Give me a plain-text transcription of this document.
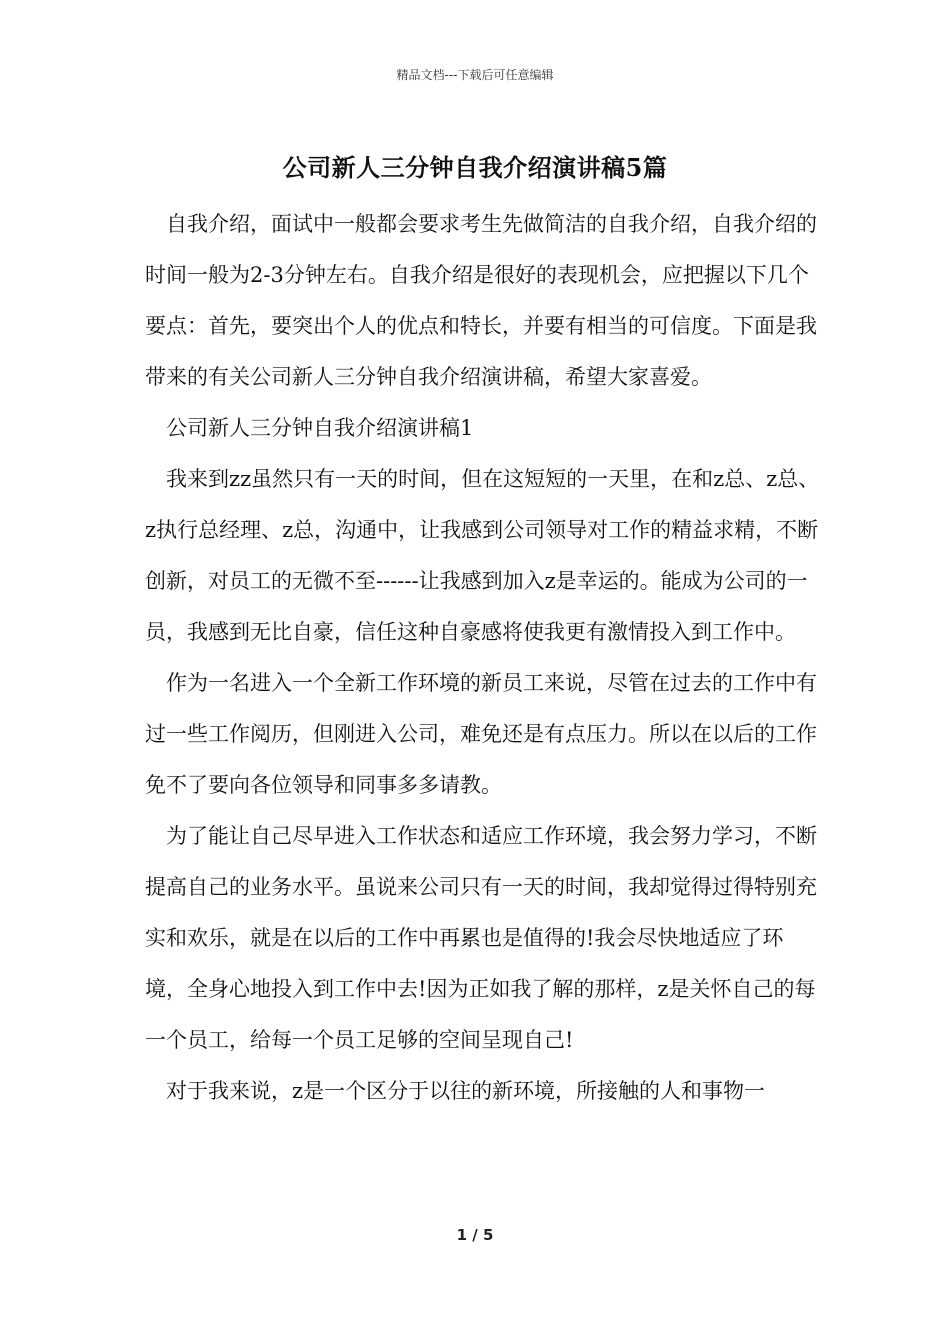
精品文档---下载后可任意编辑
公司新人三分钟自我介绍演讲稿5篇

自我介绍，面试中一般都会要求考生先做简洁的自我介绍，自我介绍的时间一般为2-3分钟左右。自我介绍是很好的表现机会，应把握以下几个要点：首先，要突出个人的优点和特长，并要有相当的可信度。下面是我带来的有关公司新人三分钟自我介绍演讲稿，希望大家喜爱。

公司新人三分钟自我介绍演讲稿1

我来到zz虽然只有一天的时间，但在这短短的一天里，在和z总、z总、z执行总经理、z总，沟通中，让我感到公司领导对工作的精益求精，不断创新，对员工的无微不至------让我感到加入z是幸运的。能成为公司的一员，我感到无比自豪，信任这种自豪感将使我更有激情投入到工作中。

作为一名进入一个全新工作环境的新员工来说，尽管在过去的工作中有过一些工作阅历，但刚进入公司，难免还是有点压力。所以在以后的工作免不了要向各位领导和同事多多请教。

为了能让自己尽早进入工作状态和适应工作环境，我会努力学习，不断提高自己的业务水平。虽说来公司只有一天的时间，我却觉得过得特别充实和欢乐，就是在以后的工作中再累也是值得的!我会尽快地适应了环境，全身心地投入到工作中去!因为正如我了解的那样，z是关怀自己的每一个员工，给每一个员工足够的空间呈现自己!

对于我来说，z是一个区分于以往的新环境，所接触的人和事物一

1 / 5
